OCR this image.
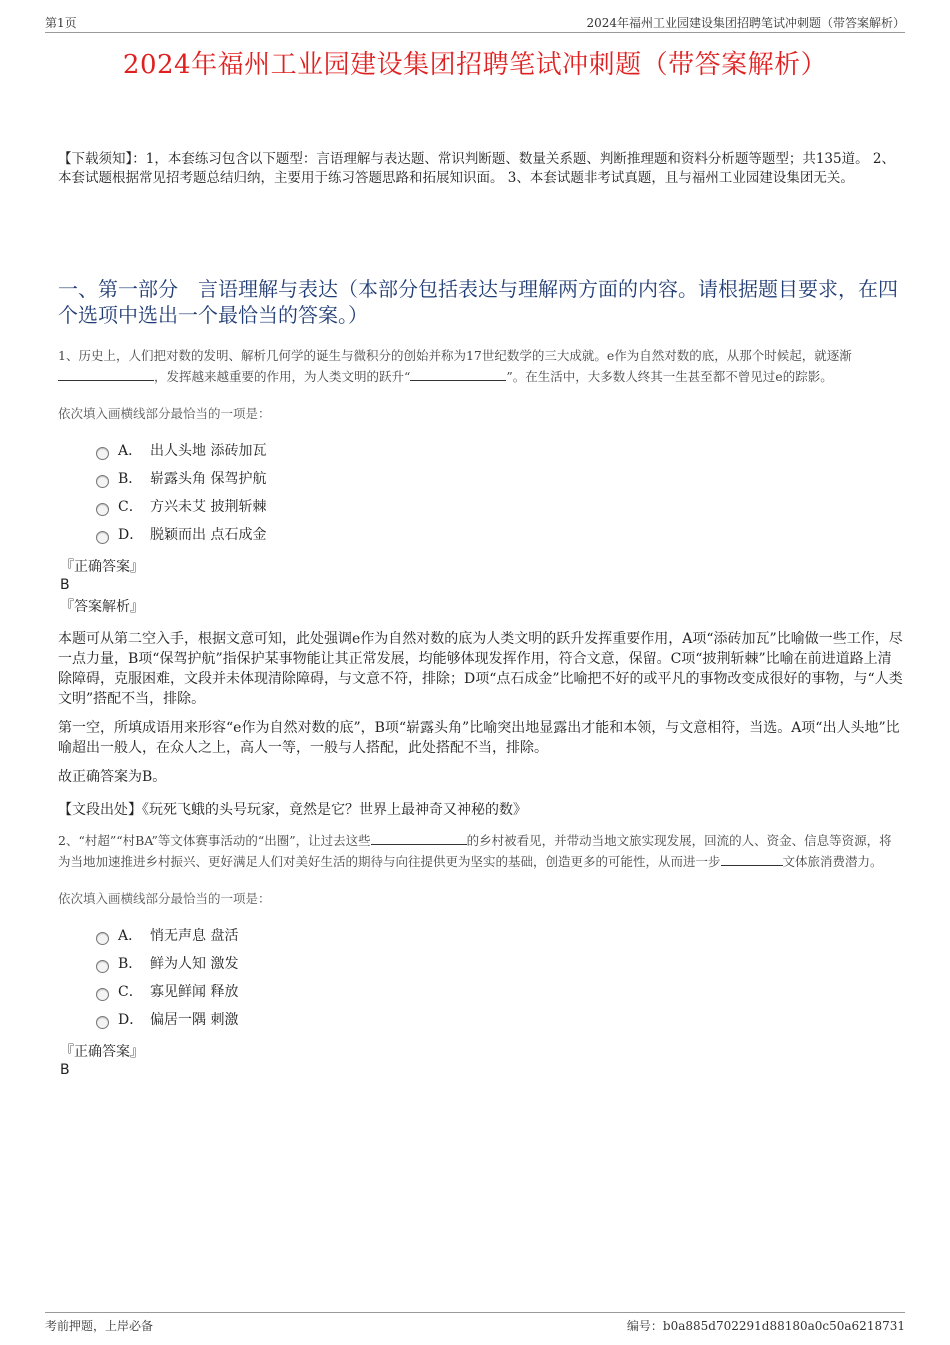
第1页	2024年福州工业园建设集团招聘笔试冲刺题（带答案解析）
2024年福州工业园建设集团招聘笔试冲刺题（带答案解析）
【下载须知】：1，本套练习包含以下题型：言语理解与表达题、常识判断题、数量关系题、判断推理题和资料分析题等题型；共135道。 2、本套试题根据常见招考题总结归纳，主要用于练习答题思路和拓展知识面。 3、本套试题非考试真题，且与福州工业园建设集团无关。
一、第一部分　言语理解与表达（本部分包括表达与理解两方面的内容。请根据题目要求，在四个选项中选出一个最恰当的答案。）

1、历史上，人们把对数的发明、解析几何学的诞生与微积分的创始并称为17世纪数学的三大成就。e作为自然对数的底，从那个时候起，就逐渐，发挥越来越重要的作用，为人类文明的跃升“	”。在生活中，大多数人终其一生甚至都不曾见过e的踪影。

依次填入画横线部分最恰当的一项是：
A． 出人头地 添砖加瓦
B． 崭露头角 保驾护航
C． 方兴未艾 披荆斩棘
D． 脱颖而出 点石成金
『正确答案』
B
『答案解析』

本题可从第二空入手，根据文意可知，此处强调e作为自然对数的底为人类文明的跃升发挥重要作用，A项“添砖加瓦”比喻做一些工作，尽一点力量，B项“保驾护航”指保护某事物能让其正常发展，均能够体现发挥作用，符合文意，保留。C项“披荆斩棘”比喻在前进道路上清除障碍，克服困难，文段并未体现清除障碍，与文意不符，排除；D项“点石成金”比喻把不好的或平凡的事物改变成很好的事物，与“人类文明”搭配不当，排除。

第一空，所填成语用来形容“e作为自然对数的底”，B项“崭露头角”比喻突出地显露出才能和本领，与文意相符，当选。A项“出人头地”比喻超出一般人，在众人之上，高人一等，一般与人搭配，此处搭配不当，排除。

故正确答案为B。

【文段出处】《玩死飞蛾的头号玩家，竟然是它？世界上最神奇又神秘的数》

2、“村超”“村BA”等文体赛事活动的“出圈”，让过去这些	的乡村被看见，并带动当地文旅实现发展，回流的人、资金、信息等资源，将为当地加速推进乡村振兴、更好满足人们对美好生活的期待与向往提供更为坚实的基础，创造更多的可能性，从而进一步	文体旅消费潜力。

依次填入画横线部分最恰当的一项是：
A． 悄无声息 盘活
B． 鲜为人知 激发
C． 寡见鲜闻 释放
D． 偏居一隅 刺激
『正确答案』
B
考前押题，上岸必备	编号：b0a885d702291d88180a0c50a6218731
